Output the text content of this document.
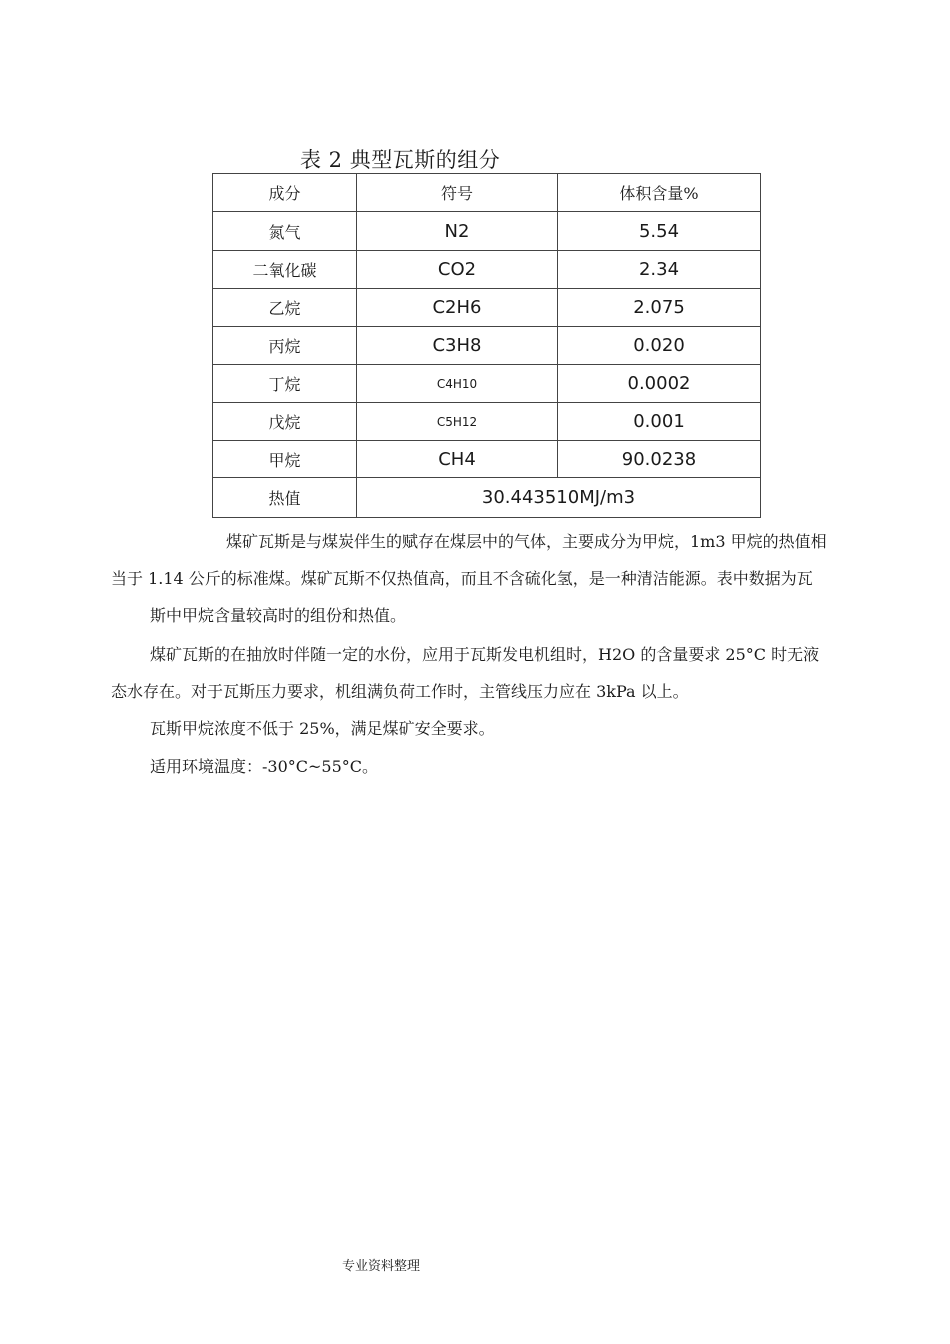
表 2 典型瓦斯的组分
成分	符号	体积含量%
氮气	N2	5.54
二氧化碳	CO2	2.34
乙烷	C2H6	2.075
丙烷	C3H8	0.020
丁烷	C4H10	0.0002
戊烷	C5H12	0.001
甲烷	CH4	90.0238
热值	30.443510MJ/m3	
煤矿瓦斯是与煤炭伴生的赋存在煤层中的气体，主要成分为甲烷，1m3 甲烷的热值相
当于 1.14 公斤的标准煤。煤矿瓦斯不仅热值高，而且不含硫化氢，是一种清洁能源。表中数据为瓦
斯中甲烷含量较高时的组份和热值。
煤矿瓦斯的在抽放时伴随一定的水份，应用于瓦斯发电机组时，H2O 的含量要求 25°C 时无液
态水存在。对于瓦斯压力要求，机组满负荷工作时，主管线压力应在 3kPa 以上。
瓦斯甲烷浓度不低于 25%，满足煤矿安全要求。
适用环境温度：-30°C~55°C。
专业资料整理
